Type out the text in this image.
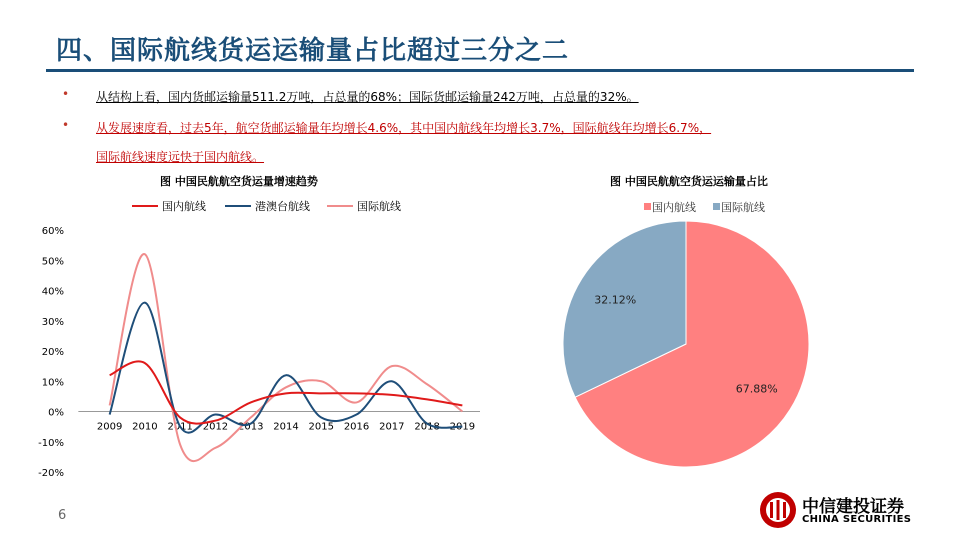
四、国际航线货运运输量占比超过三分之二
• 从结构上看，国内货邮运输量511.2万吨，占总量的68%；国际货邮运输量242万吨，占总量的32%。
• 从发展速度看，过去5年，航空货邮运输量年均增长4.6%，其中国内航线年均增长3.7%，国际航线年均增长6.7%，
国际航线速度远快于国内航线。
图 中国民航航空货运量增速趋势	图 中国民航航空货运运输量占比
国内航线	港澳台航线	国际航线
60%
50%
40%
30%
20%
10%
0%
-10%
-20%
2009 2010 2011 2012 2013 2014 2015 2016 2017 2018 2019
国内航线 国际航线
67.88%
32.12%
6	中信建投证券
CHINA SECURITIES
